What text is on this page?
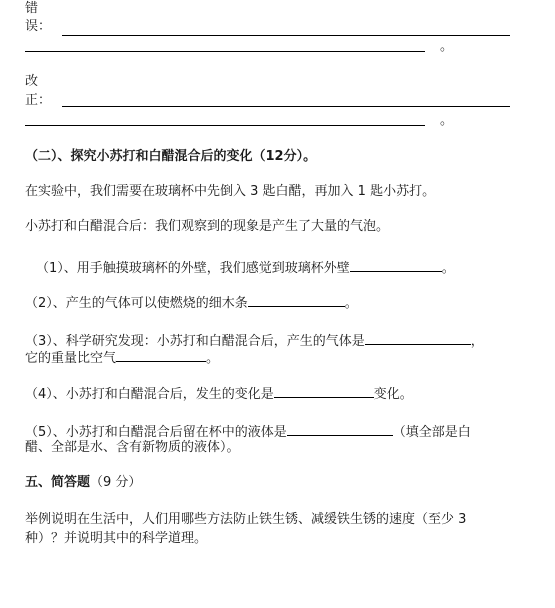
错
误：
。
改
正：
。
（二）、探究小苏打和白醋混合后的变化（12分）。
在实验中，我们需要在玻璃杯中先倒入 3 匙白醋，再加入 1 匙小苏打。
小苏打和白醋混合后：我们观察到的现象是产生了大量的气泡。
（1）、用手触摸玻璃杯的外壁，我们感觉到玻璃杯外壁	。
（2）、产生的气体可以使燃烧的细木条	。
（3）、科学研究发现：小苏打和白醋混合后，产生的气体是	，
它的重量比空气	。
（4）、小苏打和白醋混合后，发生的变化是	变化。
（5）、小苏打和白醋混合后留在杯中的液体是	（填全部是白
醋、全部是水、含有新物质的液体）。
五、简答题（9 分）
举例说明在生活中，人们用哪些方法防止铁生锈、减缓铁生锈的速度（至少 3
种）？并说明其中的科学道理。
